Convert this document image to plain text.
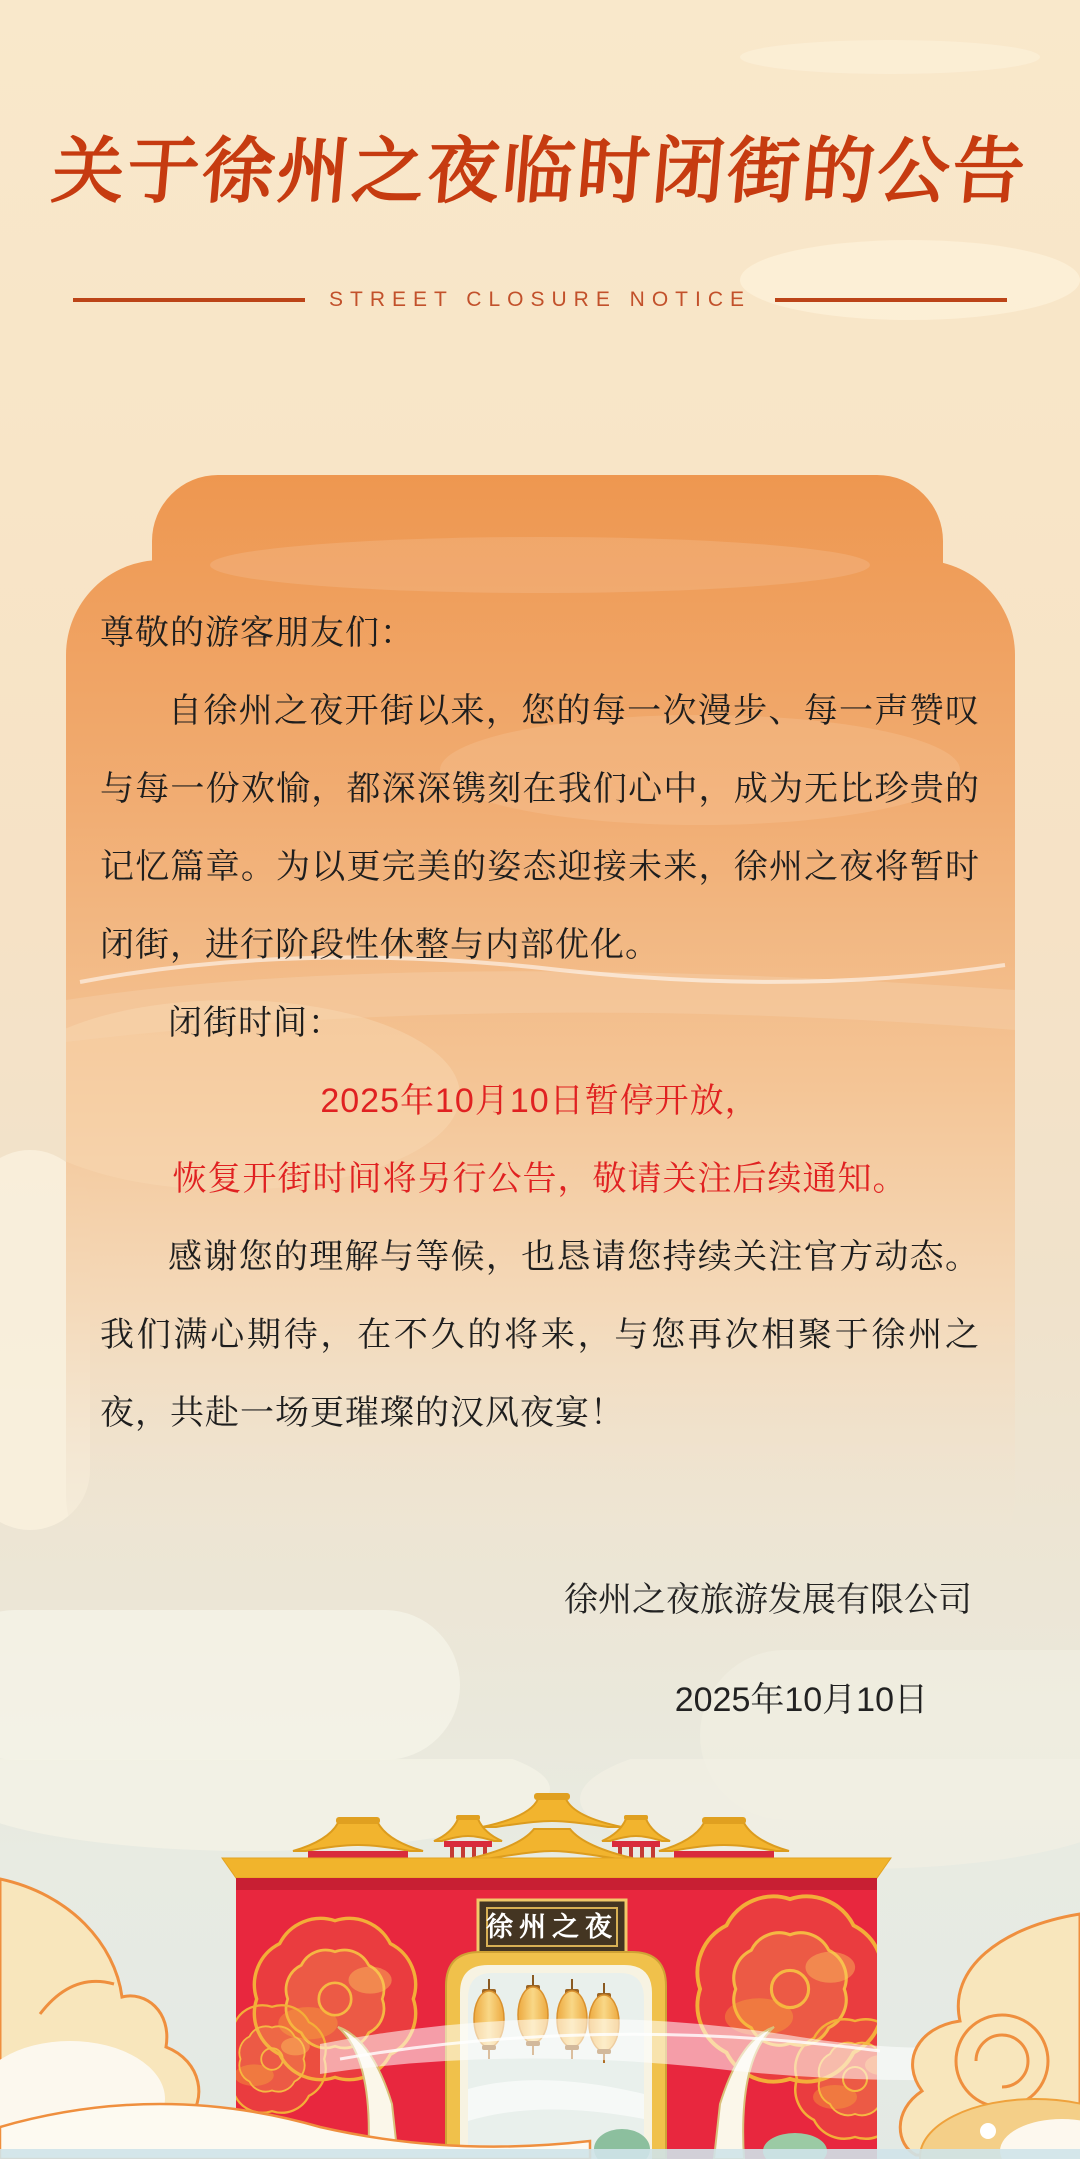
关于徐州之夜临时闭街的公告
STREET CLOSURE NOTICE

尊敬的游客朋友们：

自徐州之夜开街以来，您的每一次漫步、每一声赞叹与每一份欢愉，都深深镌刻在我们心中，成为无比珍贵的记忆篇章。为以更完美的姿态迎接未来，徐州之夜将暂时闭街，进行阶段性休整与内部优化。

闭街时间：

2025年10月10日暂停开放，

恢复开街时间将另行公告，敬请关注后续通知。

感谢您的理解与等候，也恳请您持续关注官方动态。我们满心期待，在不久的将来，与您再次相聚于徐州之夜，共赴一场更璀璨的汉风夜宴！

徐州之夜旅游发展有限公司
2025年10月10日
徐州之夜
